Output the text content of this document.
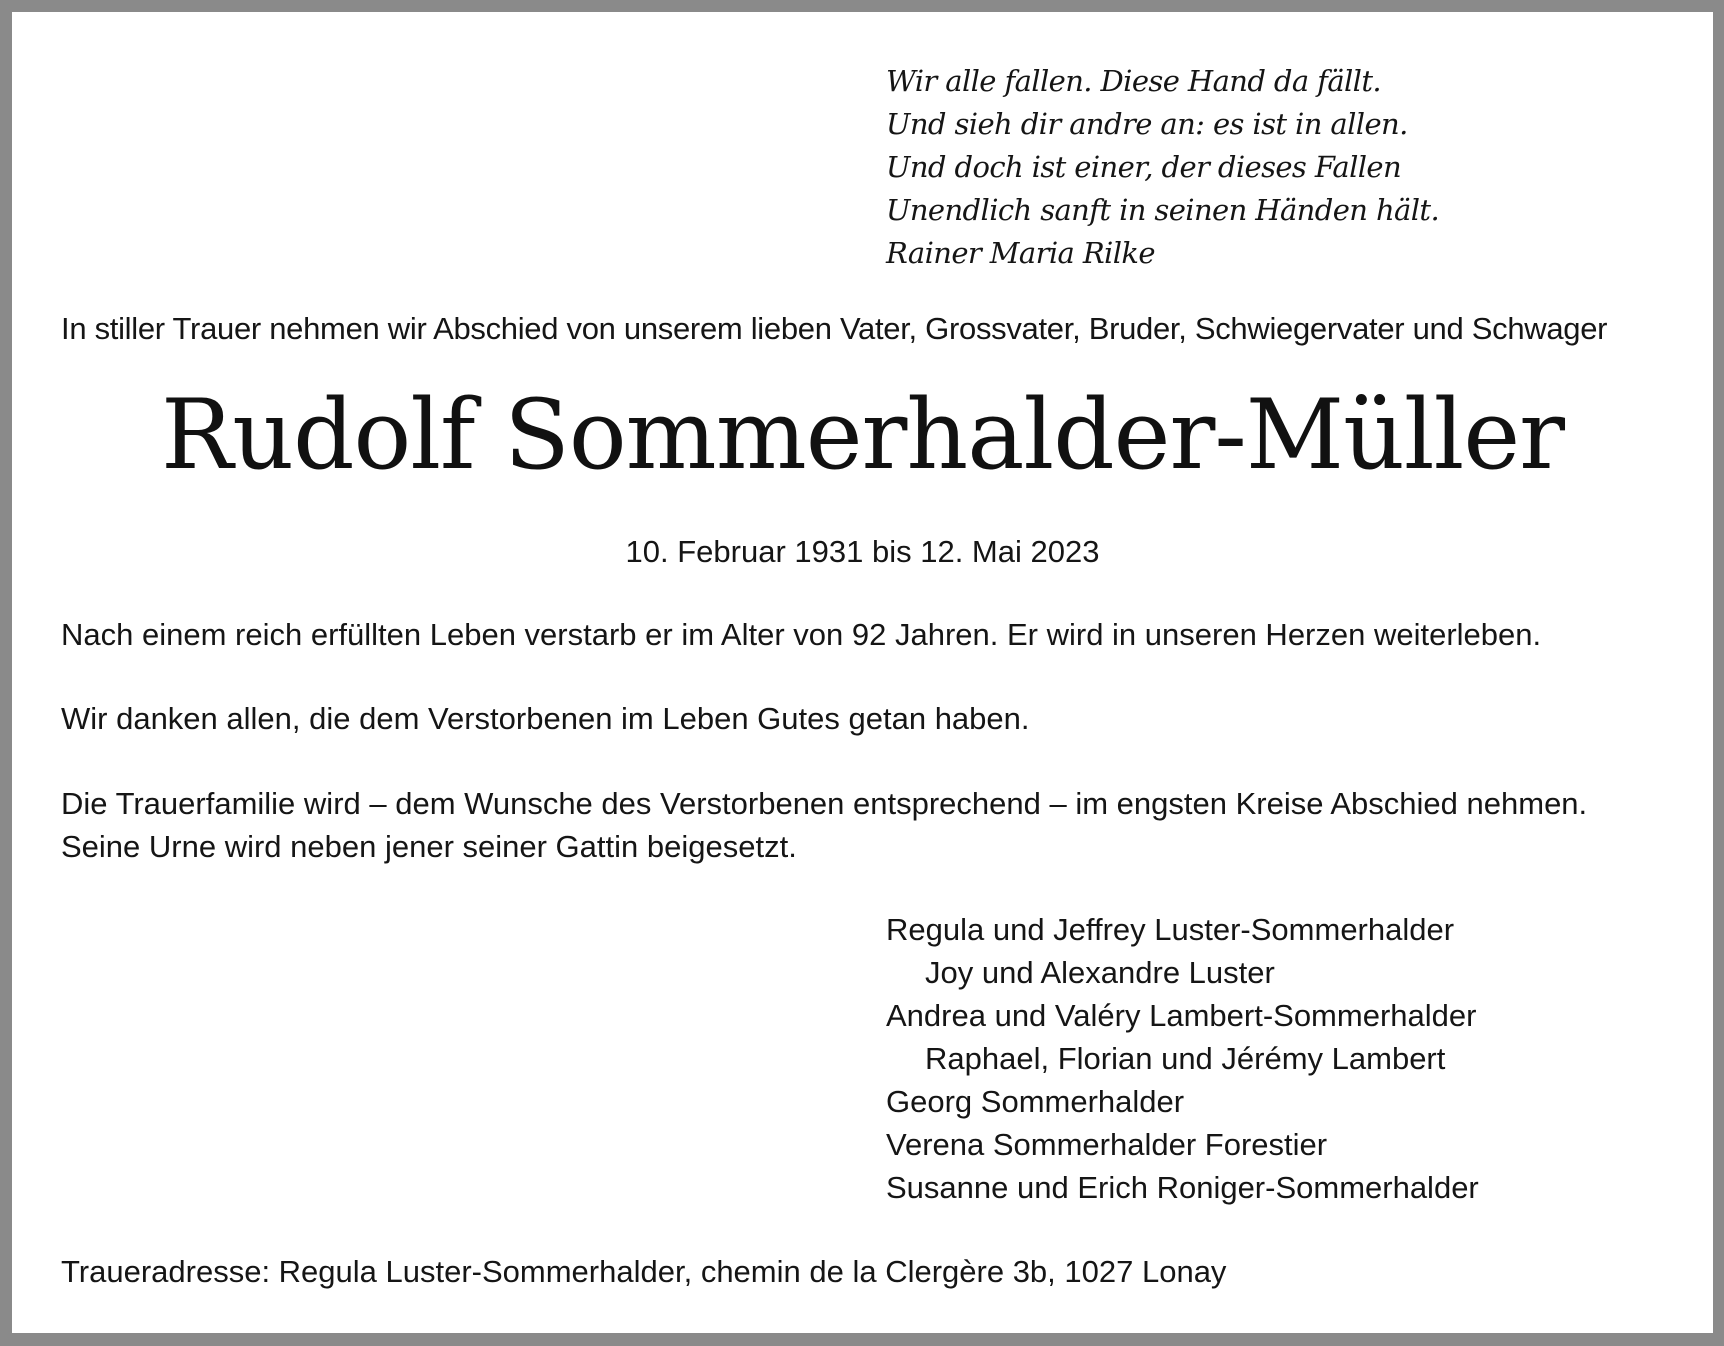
Wir alle fallen. Diese Hand da fällt.
Und sieh dir andre an: es ist in allen.
Und doch ist einer, der dieses Fallen
Unendlich sanft in seinen Händen hält.
Rainer Maria Rilke
In stiller Trauer nehmen wir Abschied von unserem lieben Vater, Grossvater, Bruder, Schwiegervater und Schwager
Rudolf Sommerhalder-Müller
10. Februar 1931 bis 12. Mai 2023
Nach einem reich erfüllten Leben verstarb er im Alter von 92 Jahren. Er wird in unseren Herzen weiterleben.
Wir danken allen, die dem Verstorbenen im Leben Gutes getan haben.
Die Trauerfamilie wird – dem Wunsche des Verstorbenen entsprechend – im engsten Kreise Abschied nehmen.
Seine Urne wird neben jener seiner Gattin beigesetzt.
Regula und Jeffrey Luster-Sommerhalder
Joy und Alexandre Luster
Andrea und Valéry Lambert-Sommerhalder
Raphael, Florian und Jérémy Lambert
Georg Sommerhalder
Verena Sommerhalder Forestier
Susanne und Erich Roniger-Sommerhalder
Traueradresse: Regula Luster-Sommerhalder, chemin de la Clergère 3b, 1027 Lonay
